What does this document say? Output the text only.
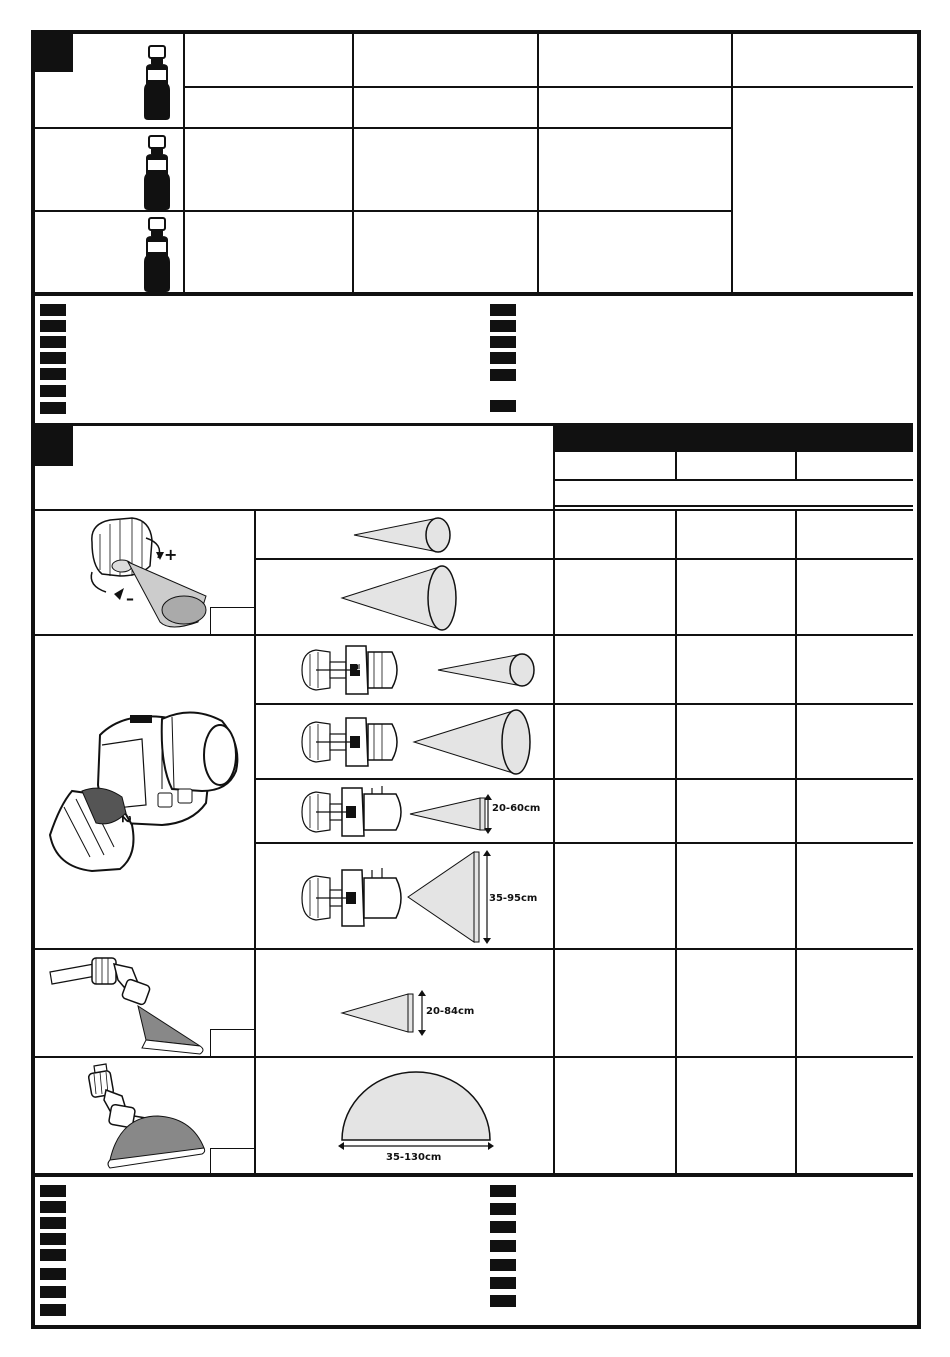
+
–
2
1
20-60cm
35-95cm
20-84cm
35-130cm
